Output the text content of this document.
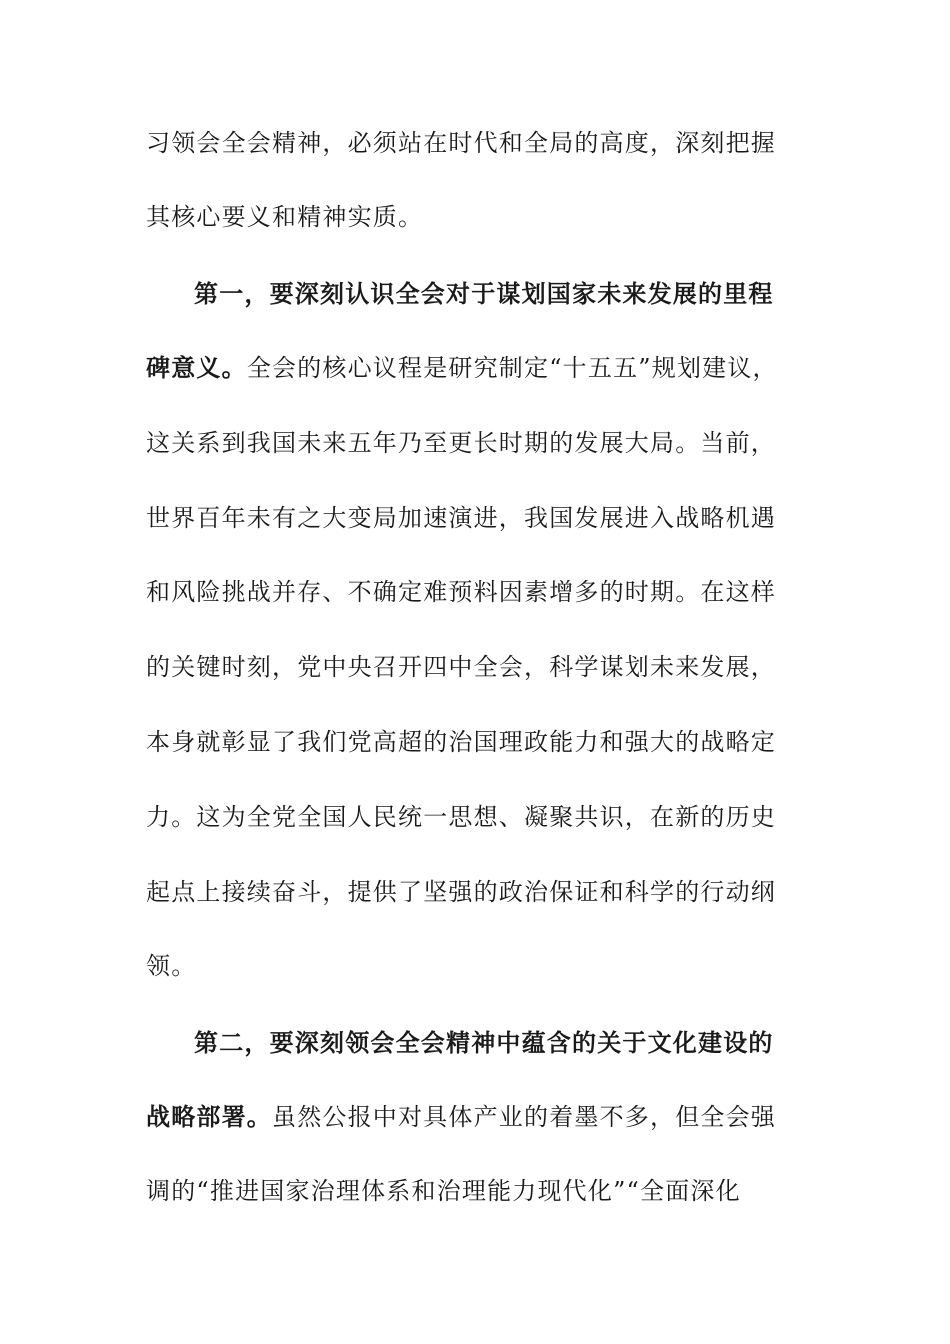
习领会全会精神，必须站在时代和全局的高度，深刻把握
其核心要义和精神实质。
第一，要深刻认识全会对于谋划国家未来发展的里程
碑意义。全会的核心议程是研究制定“十五五”规划建议，
这关系到我国未来五年乃至更长时期的发展大局。当前，
世界百年未有之大变局加速演进，我国发展进入战略机遇
和风险挑战并存、不确定难预料因素增多的时期。在这样
的关键时刻，党中央召开四中全会，科学谋划未来发展，
本身就彰显了我们党高超的治国理政能力和强大的战略定
力。这为全党全国人民统一思想、凝聚共识，在新的历史
起点上接续奋斗，提供了坚强的政治保证和科学的行动纲
领。
第二，要深刻领会全会精神中蕴含的关于文化建设的
战略部署。虽然公报中对具体产业的着墨不多，但全会强
调的“推进国家治理体系和治理能力现代化”“全面深化
